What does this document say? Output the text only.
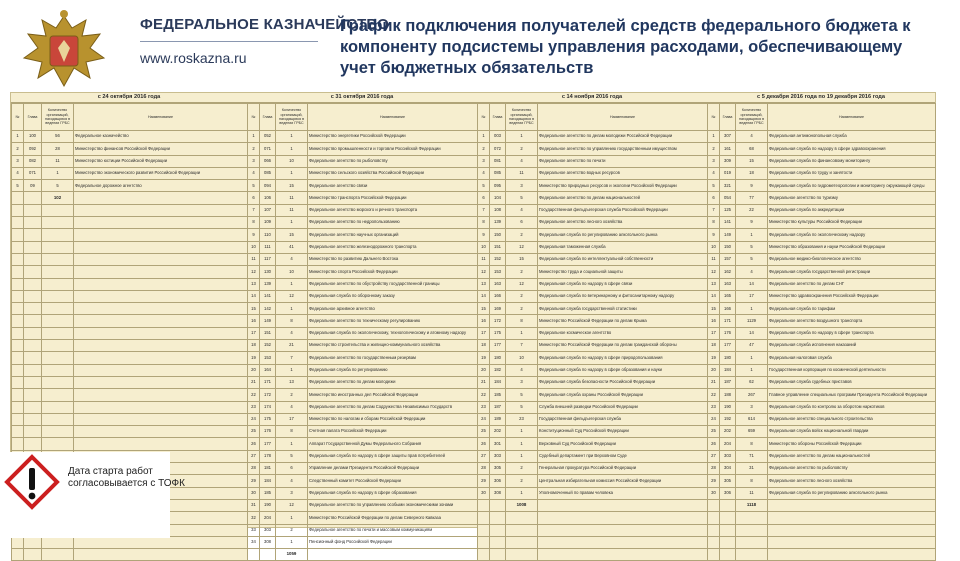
ФЕДЕРАЛЬНОЕ КАЗНАЧЕЙСТВО
www.roskazna.ru
График подключения получателей средств федерального бюджета к компоненту подсистемы управления расходами, обеспечивающему учет бюджетных обязательств
с 24 октября 2016 года
№	Глава	Количество организаций, находящихся в ведении ГРБС	Наименование	
1	100	56	Федеральное казначейство	
2	092	28	Министерство финансов Российской Федерации	
3	082	11	Министерство юстиции Российской Федерации	
4	071	1	Министерство экономического развития Российской Федерации	
5	09	5	Федеральное дорожное агентство	
		102		

с 31 октября 2016 года
№	Глава	Количество организаций, находящихся в ведении ГРБС	Наименование
1	052	1	Министерство энергетики Российской Федерации
2	071	1	Министерство промышленности и торговли Российской Федерации
3	066	10	Федеральное агентство по рыболовству
4	085	1	Министерство сельского хозяйства Российской Федерации
5	094	15	Федеральное агентство связи
6	106	11	Министерство транспорта Российской Федерации
7	107	11	Федеральное агентство морского и речного транспорта
8	109	1	Федеральное агентство по недропользованию
9	110	15	Федеральное агентство научных организаций
10	111	41	Федеральное агентство железнодорожного транспорта
11	117	4	Министерство по развитию Дальнего Востока
12	130	10	Министерство спорта Российской Федерации
13	139	1	Федеральное агентство по обустройству государственной границы
14	141	12	Федеральная служба по оборонному заказу
15	142	1	Федеральное архивное агентство
16	149	8	Федеральное агентство по техническому регулированию
17	151	4	Федеральная служба по экологическому, технологическому и атомному надзору
18	152	21	Министерство строительства и жилищно-коммунального хозяйства
19	153	7	Федеральное агентство по государственным резервам
20	164	1	Федеральная служба по регулированию
21	171	13	Федеральное агентство по делам молодежи
22	172	2	Министерство иностранных дел Российской Федерации
23	174	4	Федеральное агентство по делам Содружества Независимых Государств
24	175	17	Министерство по налогам и сборам Российской Федерации
25	176	8	Счетная палата Российской Федерации
26	177	1	Аппарат Государственной Думы Федерального Собрания
27	178	5	Федеральная служба по надзору в сфере защиты прав потребителей
28	181	6	Управление делами Президента Российской Федерации
29	184	4	Следственный комитет Российской Федерации
30	185	3	Федеральная служба по надзору в сфере образования
31	190	12	Федеральное агентство по управлению особыми экономическими зонами
32	204	1	Министерство Российской Федерации по делам Северного Кавказа
33	303	2	Федеральное агентство по печати и массовым коммуникациям
34	308	1	Пенсионный фонд Российской Федерации
		1059	
с 14 ноября 2016 года
№	Глава	Количество организаций, находящихся в ведении ГРБС	Наименование	
1	003	1	Федеральное агентство по делам молодежи Российской Федерации	
2	072	2	Федеральное агентство по управлению государственным имуществом	
3	081	4	Федеральное агентство по печати	
4	085	11	Федеральное агентство водных ресурсов	
5	095	3	Министерство природных ресурсов и экологии Российской Федерации	
6	104	5	Федеральное агентство по делам национальностей	
7	108	4	Государственная фельдъегерская служба Российской Федерации	
8	139	6	Федеральное агентство лесного хозяйства	
9	150	2	Федеральная служба по регулированию алкогольного рынка	
10	151	12	Федеральная таможенная служба	
11	152	15	Федеральная служба по интеллектуальной собственности	
12	153	2	Министерство труда и социальной защиты	
13	163	12	Федеральная служба по надзору в сфере связи	
14	166	2	Федеральная служба по ветеринарному и фитосанитарному надзору	
15	169	2	Федеральная служба государственной статистики	
16	172	8	Министерство Российской Федерации по делам Крыма	
17	175	1	Федеральное космическое агентство	
18	177	7	Министерство Российской Федерации по делам гражданской обороны	
19	180	10	Федеральная служба по надзору в сфере природопользования	
20	182	4	Федеральная служба по надзору в сфере образования и науки	
21	184	3	Федеральная служба безопасности Российской Федерации	
22	185	5	Федеральная служба охраны Российской Федерации	
23	187	5	Служба внешней разведки Российской Федерации	
24	189	23	Государственная фельдъегерская служба	
25	202	1	Конституционный Суд Российской Федерации	
26	301	1	Верховный Суд Российской Федерации	
27	303	1	Судебный департамент при Верховном Суде	
28	305	2	Генеральная прокуратура Российской Федерации	
29	306	2	Центральная избирательная комиссия Российской Федерации	
30	308	1	Уполномоченный по правам человека	
		1008		

с 5 декабря 2016 года по 19 декабря 2016 года
№	Глава	Количество организаций, находящихся в ведении ГРБС	Наименование	
1	307	4	Федеральная антимонопольная служба	
2	161	68	Федеральная служба по надзору в сфере здравоохранения	
3	309	15	Федеральная служба по финансовому мониторингу	
4	019	18	Федеральная служба по труду и занятости	
5	321	9	Федеральная служба по гидрометеорологии и мониторингу окружающей среды	
6	054	77	Федеральное агентство по туризму	
7	125	22	Федеральная служба по аккредитации	
8	141	9	Министерство культуры Российской Федерации	
9	149	1	Федеральная служба по экологическому надзору	
10	150	5	Министерство образования и науки Российской Федерации	
11	157	5	Федеральное медико-биологическое агентство	
12	162	4	Федеральная служба государственной регистрации	
13	163	14	Федеральное агентство по делам СНГ	
14	165	17	Министерство здравоохранения Российской Федерации	
15	166	1	Федеральная служба по тарифам	
16	171	1129	Федеральное агентство воздушного транспорта	
17	176	14	Федеральная служба по надзору в сфере транспорта	
18	177	47	Федеральная служба исполнения наказаний	
19	180	1	Федеральная налоговая служба	
20	184	1	Государственная корпорация по космической деятельности	
21	187	62	Федеральная служба судебных приставов	
22	188	267	Главное управление специальных программ Президента Российской Федерации	
23	190	3	Федеральная служба по контролю за оборотом наркотиков	
24	192	614	Федеральное агентство специального строительства	
25	202	659	Федеральная служба войск национальной гвардии	
26	204	8	Министерство обороны Российской Федерации	
27	303	71	Федеральное агентство по делам национальностей	
28	304	31	Федеральное агентство по рыболовству	
29	305	8	Федеральное агентство лесного хозяйства	
30	306	11	Федеральная служба по регулированию алкогольного рынка	
		1118		

Дата старта работ
согласовывается с ТОФК
